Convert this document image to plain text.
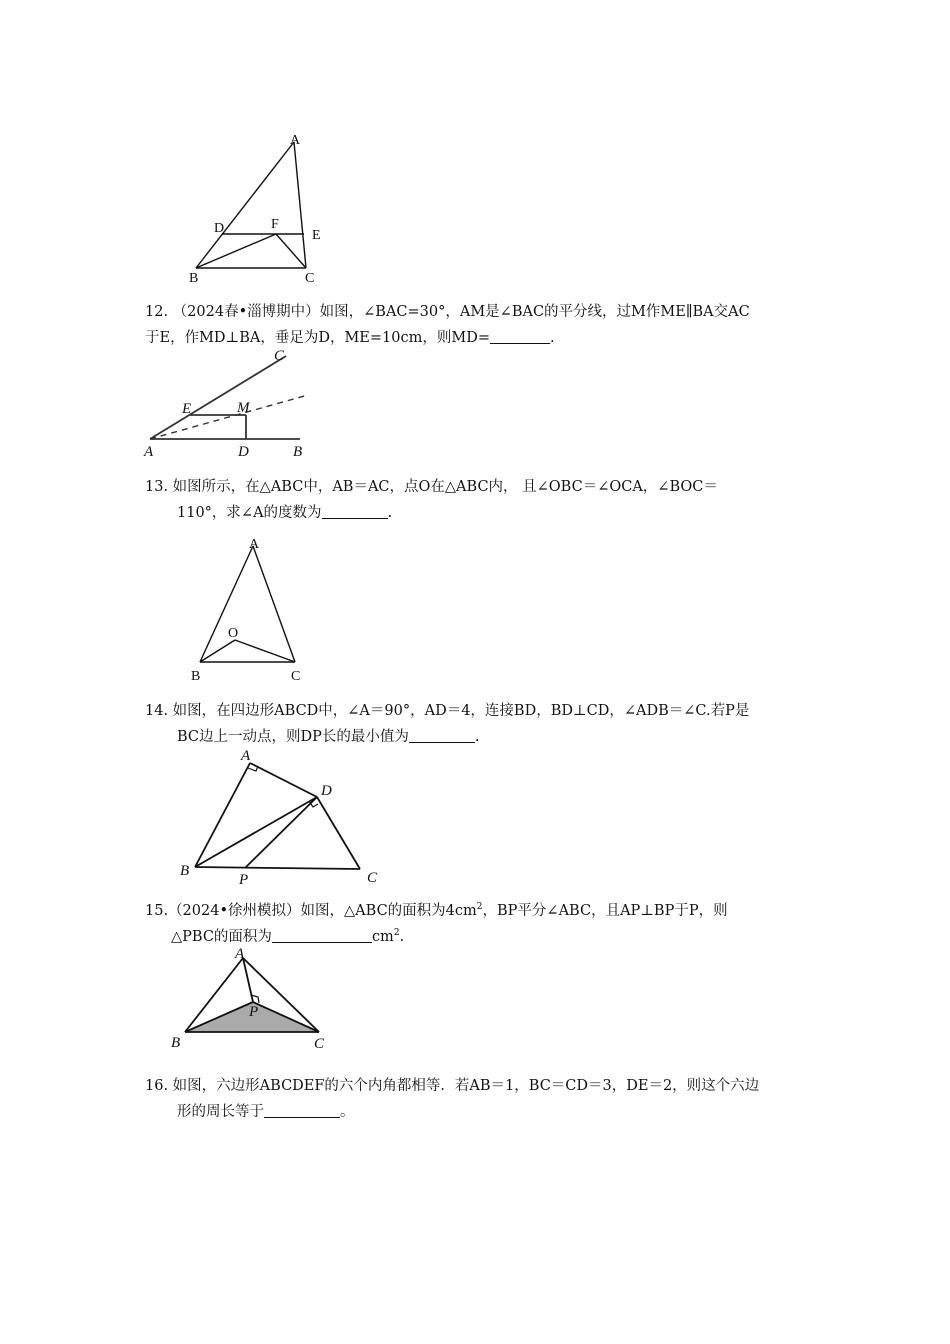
A
D	F
E
B	C
12. （2024春•淄博期中）如图，∠BAC=30°，AM是∠BAC的平分线，过M作ME∥BA交AC
于E，作MD⊥BA，垂足为D，ME=10cm，则MD=	.
C
E	M
A	D	B
13. 如图所示，在△ABC中，AB＝AC，点O在△ABC内， 且∠OBC＝∠OCA，∠BOC＝
110°，求∠A的度数为	.
A
O
B	C
14. 如图，在四边形ABCD中，∠A＝90°，AD＝4，连接BD，BD⊥CD，∠ADB＝∠C.若P是
BC边上一动点，则DP长的最小值为	.
A
D
B
P	C
15.（2024•徐州模拟）如图，△ABC的面积为$4cm^2$，BP平分∠ABC，且AP⊥BP于P，则
△PBC的面积为	$cm^2$.
A
P
B	C
16. 如图，六边形ABCDEF的六个内角都相等．若AB＝1，BC＝CD＝3，DE＝2，则这个六边
形的周长等于	。
